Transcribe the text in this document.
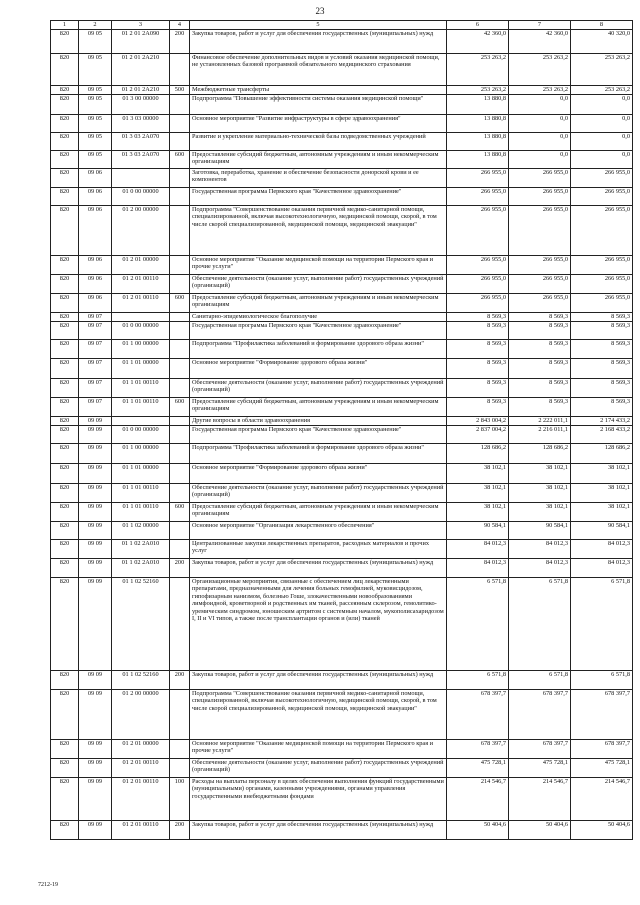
23
1	2	3	4	5	6	7	8
820	09 05	01 2 01 2А090	200	Закупка товаров, работ и услуг для обеспечения государственных (муниципальных) нужд	42 360,0	42 360,0	40 320,0
820	09 05	01 2 01 2А210		Финансовое обеспечение дополнительных видов и условий оказания медицинской помощи, не установленных базовой программой обязательного медицинского страхования	253 263,2	253 263,2	253 263,2
820	09 05	01 2 01 2А210	500	Межбюджетные трансферты	253 263,2	253 263,2	253 263,2
820	09 05	01 3 00 00000		Подпрограмма "Повышение эффективности системы оказания медицинской помощи"	13 880,8	0,0	0,0
820	09 05	01 3 03 00000		Основное мероприятие "Развитие инфраструктуры в сфере здравоохранения"	13 880,8	0,0	0,0
820	09 05	01 3 03 2А070		Развитие и укрепление материально-технической базы подведомственных учреждений	13 880,8	0,0	0,0
820	09 05	01 3 03 2А070	600	Предоставление субсидий бюджетным, автономным учреждениям и иным некоммерческим организациям	13 880,8	0,0	0,0
820	09 06			Заготовка, переработка, хранение и обеспечение безопасности донорской крови и ее компонентов	266 955,0	266 955,0	266 955,0
820	09 06	01 0 00 00000		Государственная программа Пермского края "Качественное здравоохранение"	266 955,0	266 955,0	266 955,0
820	09 06	01 2 00 00000		Подпрограмма "Совершенствование оказания первичной медико-санитарной помощи, специализированной, включая высокотехнологичную, медицинской помощи, скорой, в том числе скорой специализированной, медицинской помощи, медицинской эвакуации"	266 955,0	266 955,0	266 955,0
820	09 06	01 2 01 00000		Основное мероприятие "Оказание медицинской помощи на территории Пермского края и прочие услуги"	266 955,0	266 955,0	266 955,0
820	09 06	01 2 01 00110		Обеспечение деятельности (оказание услуг, выполнение работ) государственных учреждений (организаций)	266 955,0	266 955,0	266 955,0
820	09 06	01 2 01 00110	600	Предоставление субсидий бюджетным, автономным учреждениям и иным некоммерческим организациям	266 955,0	266 955,0	266 955,0
820	09 07			Санитарно-эпидемиологическое благополучие	8 569,3	8 569,3	8 569,3
820	09 07	01 0 00 00000		Государственная программа Пермского края "Качественное здравоохранение"	8 569,3	8 569,3	8 569,3
820	09 07	01 1 00 00000		Подпрограмма "Профилактика заболеваний и формирование здорового образа жизни"	8 569,3	8 569,3	8 569,3
820	09 07	01 1 01 00000		Основное мероприятие "Формирование здорового образа жизни"	8 569,3	8 569,3	8 569,3
820	09 07	01 1 01 00110		Обеспечение деятельности (оказание услуг, выполнение работ) государственных учреждений (организаций)	8 569,3	8 569,3	8 569,3
820	09 07	01 1 01 00110	600	Предоставление субсидий бюджетным, автономным учреждениям и иным некоммерческим организациям	8 569,3	8 569,3	8 569,3
820	09 09			Другие вопросы в области здравоохранения	2 843 004,2	2 222 011,1	2 174 433,2
820	09 09	01 0 00 00000		Государственная программа Пермского края "Качественное здравоохранение"	2 837 004,2	2 216 011,1	2 168 433,2
820	09 09	01 1 00 00000		Подпрограмма "Профилактика заболеваний и формирование здорового образа жизни"	128 686,2	128 686,2	128 686,2
820	09 09	01 1 01 00000		Основное мероприятие "Формирование здорового образа жизни"	38 102,1	38 102,1	38 102,1
820	09 09	01 1 01 00110		Обеспечение деятельности (оказание услуг, выполнение работ) государственных учреждений (организаций)	38 102,1	38 102,1	38 102,1
820	09 09	01 1 01 00110	600	Предоставление субсидий бюджетным, автономным учреждениям и иным некоммерческим организациям	38 102,1	38 102,1	38 102,1
820	09 09	01 1 02 00000		Основное мероприятие "Организация лекарственного обеспечения"	90 584,1	90 584,1	90 584,1
820	09 09	01 1 02 2А010		Централизованные закупки лекарственных препаратов, расходных материалов и прочих услуг	84 012,3	84 012,3	84 012,3
820	09 09	01 1 02 2А010	200	Закупка товаров, работ и услуг для обеспечения государственных (муниципальных) нужд	84 012,3	84 012,3	84 012,3
820	09 09	01 1 02 52160		Организационные мероприятия, связанные с обеспечением лиц лекарственными препаратами, предназначенными для лечения больных гемофилией, муковисцидозом, гипофизарным нанизмом, болезнью Гоше, злокачественными новообразованиями лимфоидной, кроветворной и родственных им тканей, рассеянным склерозом, гемолитико-уремическим синдромом, юношеским артритом с системным началом, мукополисахаридозом I, II и VI типов, а также после трансплантации органов и (или) тканей	6 571,8	6 571,8	6 571,8
820	09 09	01 1 02 52160	200	Закупка товаров, работ и услуг для обеспечения государственных (муниципальных) нужд	6 571,8	6 571,8	6 571,8
820	09 09	01 2 00 00000		Подпрограмма "Совершенствование оказания первичной медико-санитарной помощи, специализированной, включая высокотехнологичную, медицинской помощи, скорой, в том числе скорой специализированной, медицинской помощи, медицинской эвакуации"	678 397,7	678 397,7	678 397,7
820	09 09	01 2 01 00000		Основное мероприятие "Оказание медицинской помощи на территории Пермского края и прочие услуги"	678 397,7	678 397,7	678 397,7
820	09 09	01 2 01 00110		Обеспечение деятельности (оказание услуг, выполнение работ) государственных учреждений (организаций)	475 728,1	475 728,1	475 728,1
820	09 09	01 2 01 00110	100	Расходы на выплаты персоналу в целях обеспечения выполнения функций государственными (муниципальными) органами, казенными учреждениями, органами управления государственными внебюджетными фондами	214 546,7	214 546,7	214 546,7
820	09 09	01 2 01 00110	200	Закупка товаров, работ и услуг для обеспечения государственных (муниципальных) нужд	50 404,6	50 404,6	50 404,6
7212-19
